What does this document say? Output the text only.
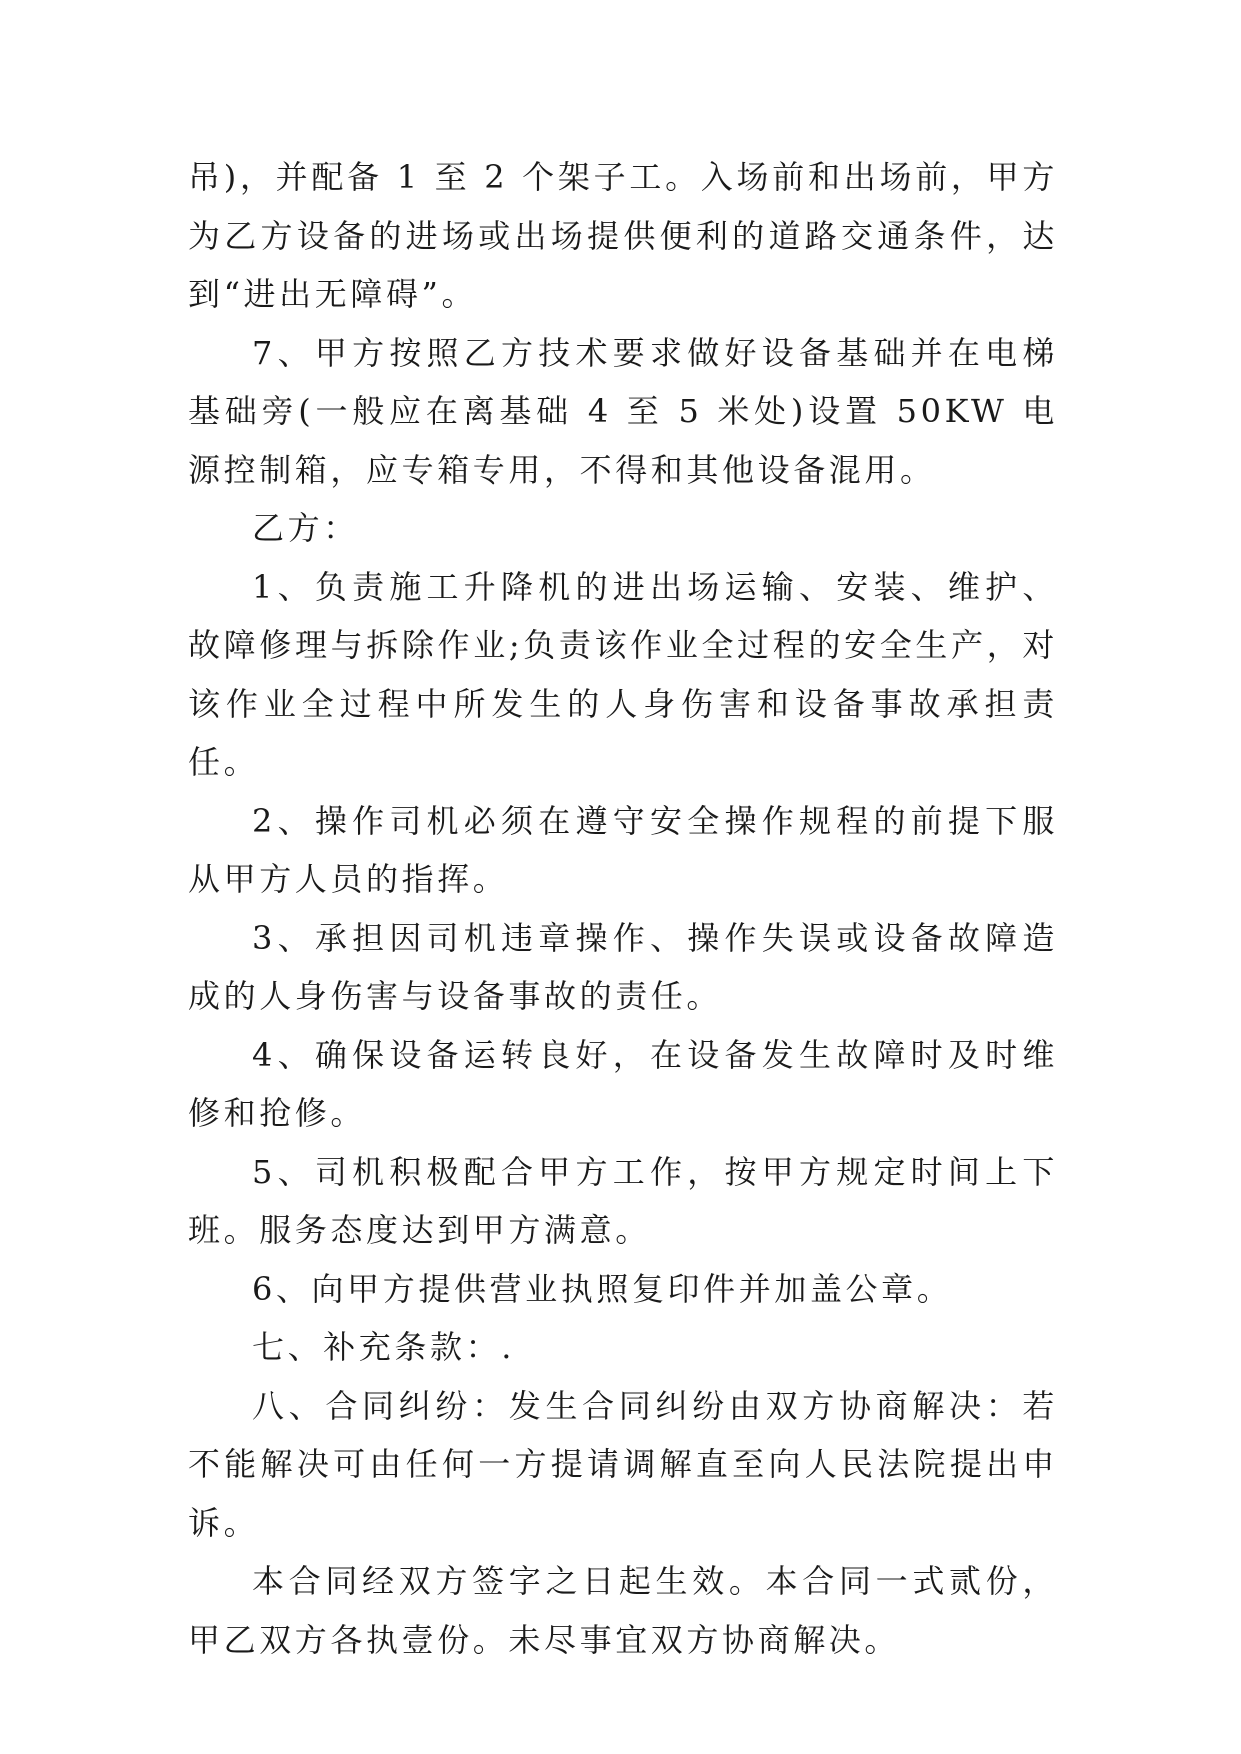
吊)，并配备 1 至 2 个架子工。入场前和出场前，甲方为乙方设备的进场或出场提供便利的道路交通条件，达到“进出无障碍”。

7、甲方按照乙方技术要求做好设备基础并在电梯基础旁(一般应在离基础 4 至 5 米处)设置 50KW 电源控制箱，应专箱专用，不得和其他设备混用。

乙方：

1、负责施工升降机的进出场运输、安装、维护、故障修理与拆除作业;负责该作业全过程的安全生产，对该作业全过程中所发生的人身伤害和设备事故承担责任。

2、操作司机必须在遵守安全操作规程的前提下服从甲方人员的指挥。

3、承担因司机违章操作、操作失误或设备故障造成的人身伤害与设备事故的责任。

4、确保设备运转良好，在设备发生故障时及时维修和抢修。

5、司机积极配合甲方工作，按甲方规定时间上下班。服务态度达到甲方满意。

6、向甲方提供营业执照复印件并加盖公章。

七、补充条款：.

八、合同纠纷：发生合同纠纷由双方协商解决：若不能解决可由任何一方提请调解直至向人民法院提出申诉。

本合同经双方签字之日起生效。本合同一式贰份，甲乙双方各执壹份。未尽事宜双方协商解决。
